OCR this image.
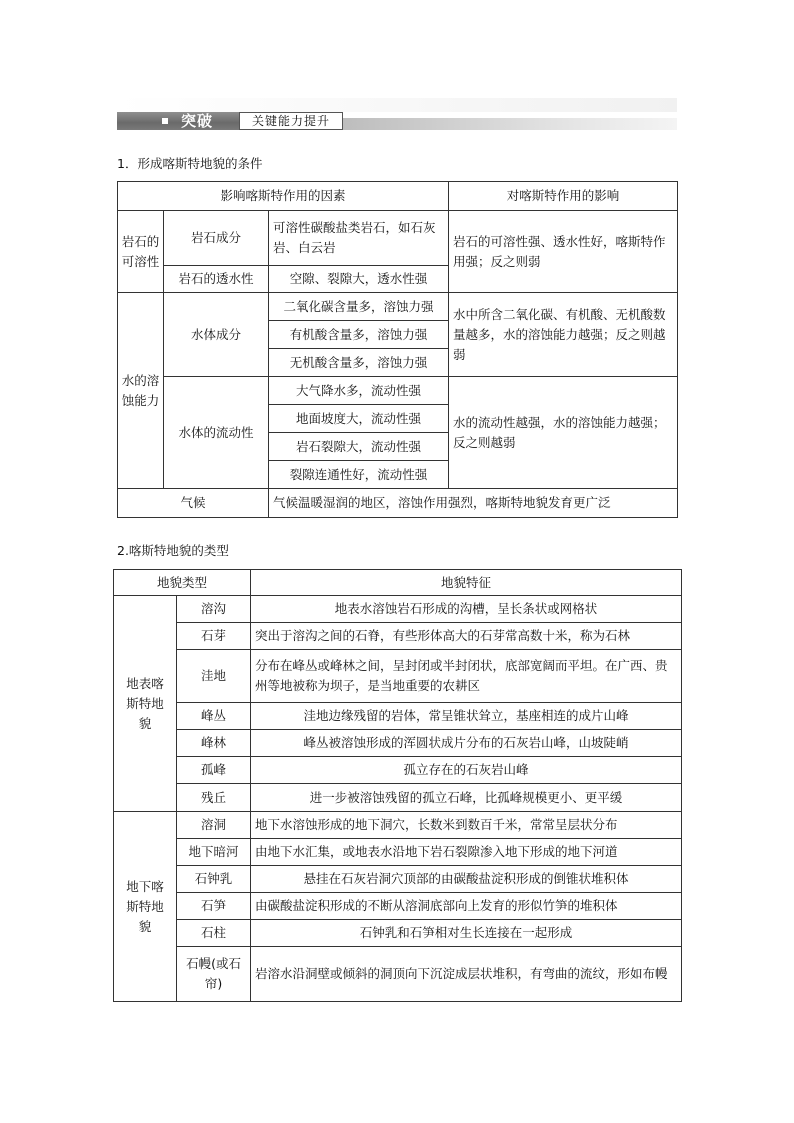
突破	关键能力提升
1．形成喀斯特地貌的条件
影响喀斯特作用的因素			对喀斯特作用的影响
岩石的可溶性	岩石成分	可溶性碳酸盐类岩石，如石灰岩、白云岩	岩石的可溶性强、透水性好，喀斯特作用强；反之则弱
	岩石的透水性	空隙、裂隙大，透水性强	
水的溶蚀能力	水体成分	二氧化碳含量多，溶蚀力强	水中所含二氧化碳、有机酸、无机酸数量越多，水的溶蚀能力越强；反之则越弱
		有机酸含量多，溶蚀力强	
		无机酸含量多，溶蚀力强	
	水体的流动性	大气降水多，流动性强	水的流动性越强，水的溶蚀能力越强；反之则越弱
		地面坡度大，流动性强	
		岩石裂隙大，流动性强	
		裂隙连通性好，流动性强	
气候		气候温暖湿润的地区，溶蚀作用强烈，喀斯特地貌发育更广泛	
2.喀斯特地貌的类型
地貌类型		地貌特征
地表喀斯特地貌	溶沟	地表水溶蚀岩石形成的沟槽，呈长条状或网格状
	石芽	突出于溶沟之间的石脊，有些形体高大的石芽常高数十米，称为石林
	洼地	分布在峰丛或峰林之间，呈封闭或半封闭状，底部宽阔而平坦。在广西、贵州等地被称为坝子，是当地重要的农耕区
	峰丛	洼地边缘残留的岩体，常呈锥状耸立，基座相连的成片山峰
	峰林	峰丛被溶蚀形成的浑圆状成片分布的石灰岩山峰，山坡陡峭
	孤峰	孤立存在的石灰岩山峰
	残丘	进一步被溶蚀残留的孤立石峰，比孤峰规模更小、更平缓
地下喀斯特地貌	溶洞	地下水溶蚀形成的地下洞穴，长数米到数百千米，常常呈层状分布
	地下暗河	由地下水汇集，或地表水沿地下岩石裂隙渗入地下形成的地下河道
	石钟乳	悬挂在石灰岩洞穴顶部的由碳酸盐淀积形成的倒锥状堆积体
	石笋	由碳酸盐淀积形成的不断从溶洞底部向上发育的形似竹笋的堆积体
	石柱	石钟乳和石笋相对生长连接在一起形成
	石幔(或石帘)	岩溶水沿洞壁或倾斜的洞顶向下沉淀成层状堆积，有弯曲的流纹，形如布幔
